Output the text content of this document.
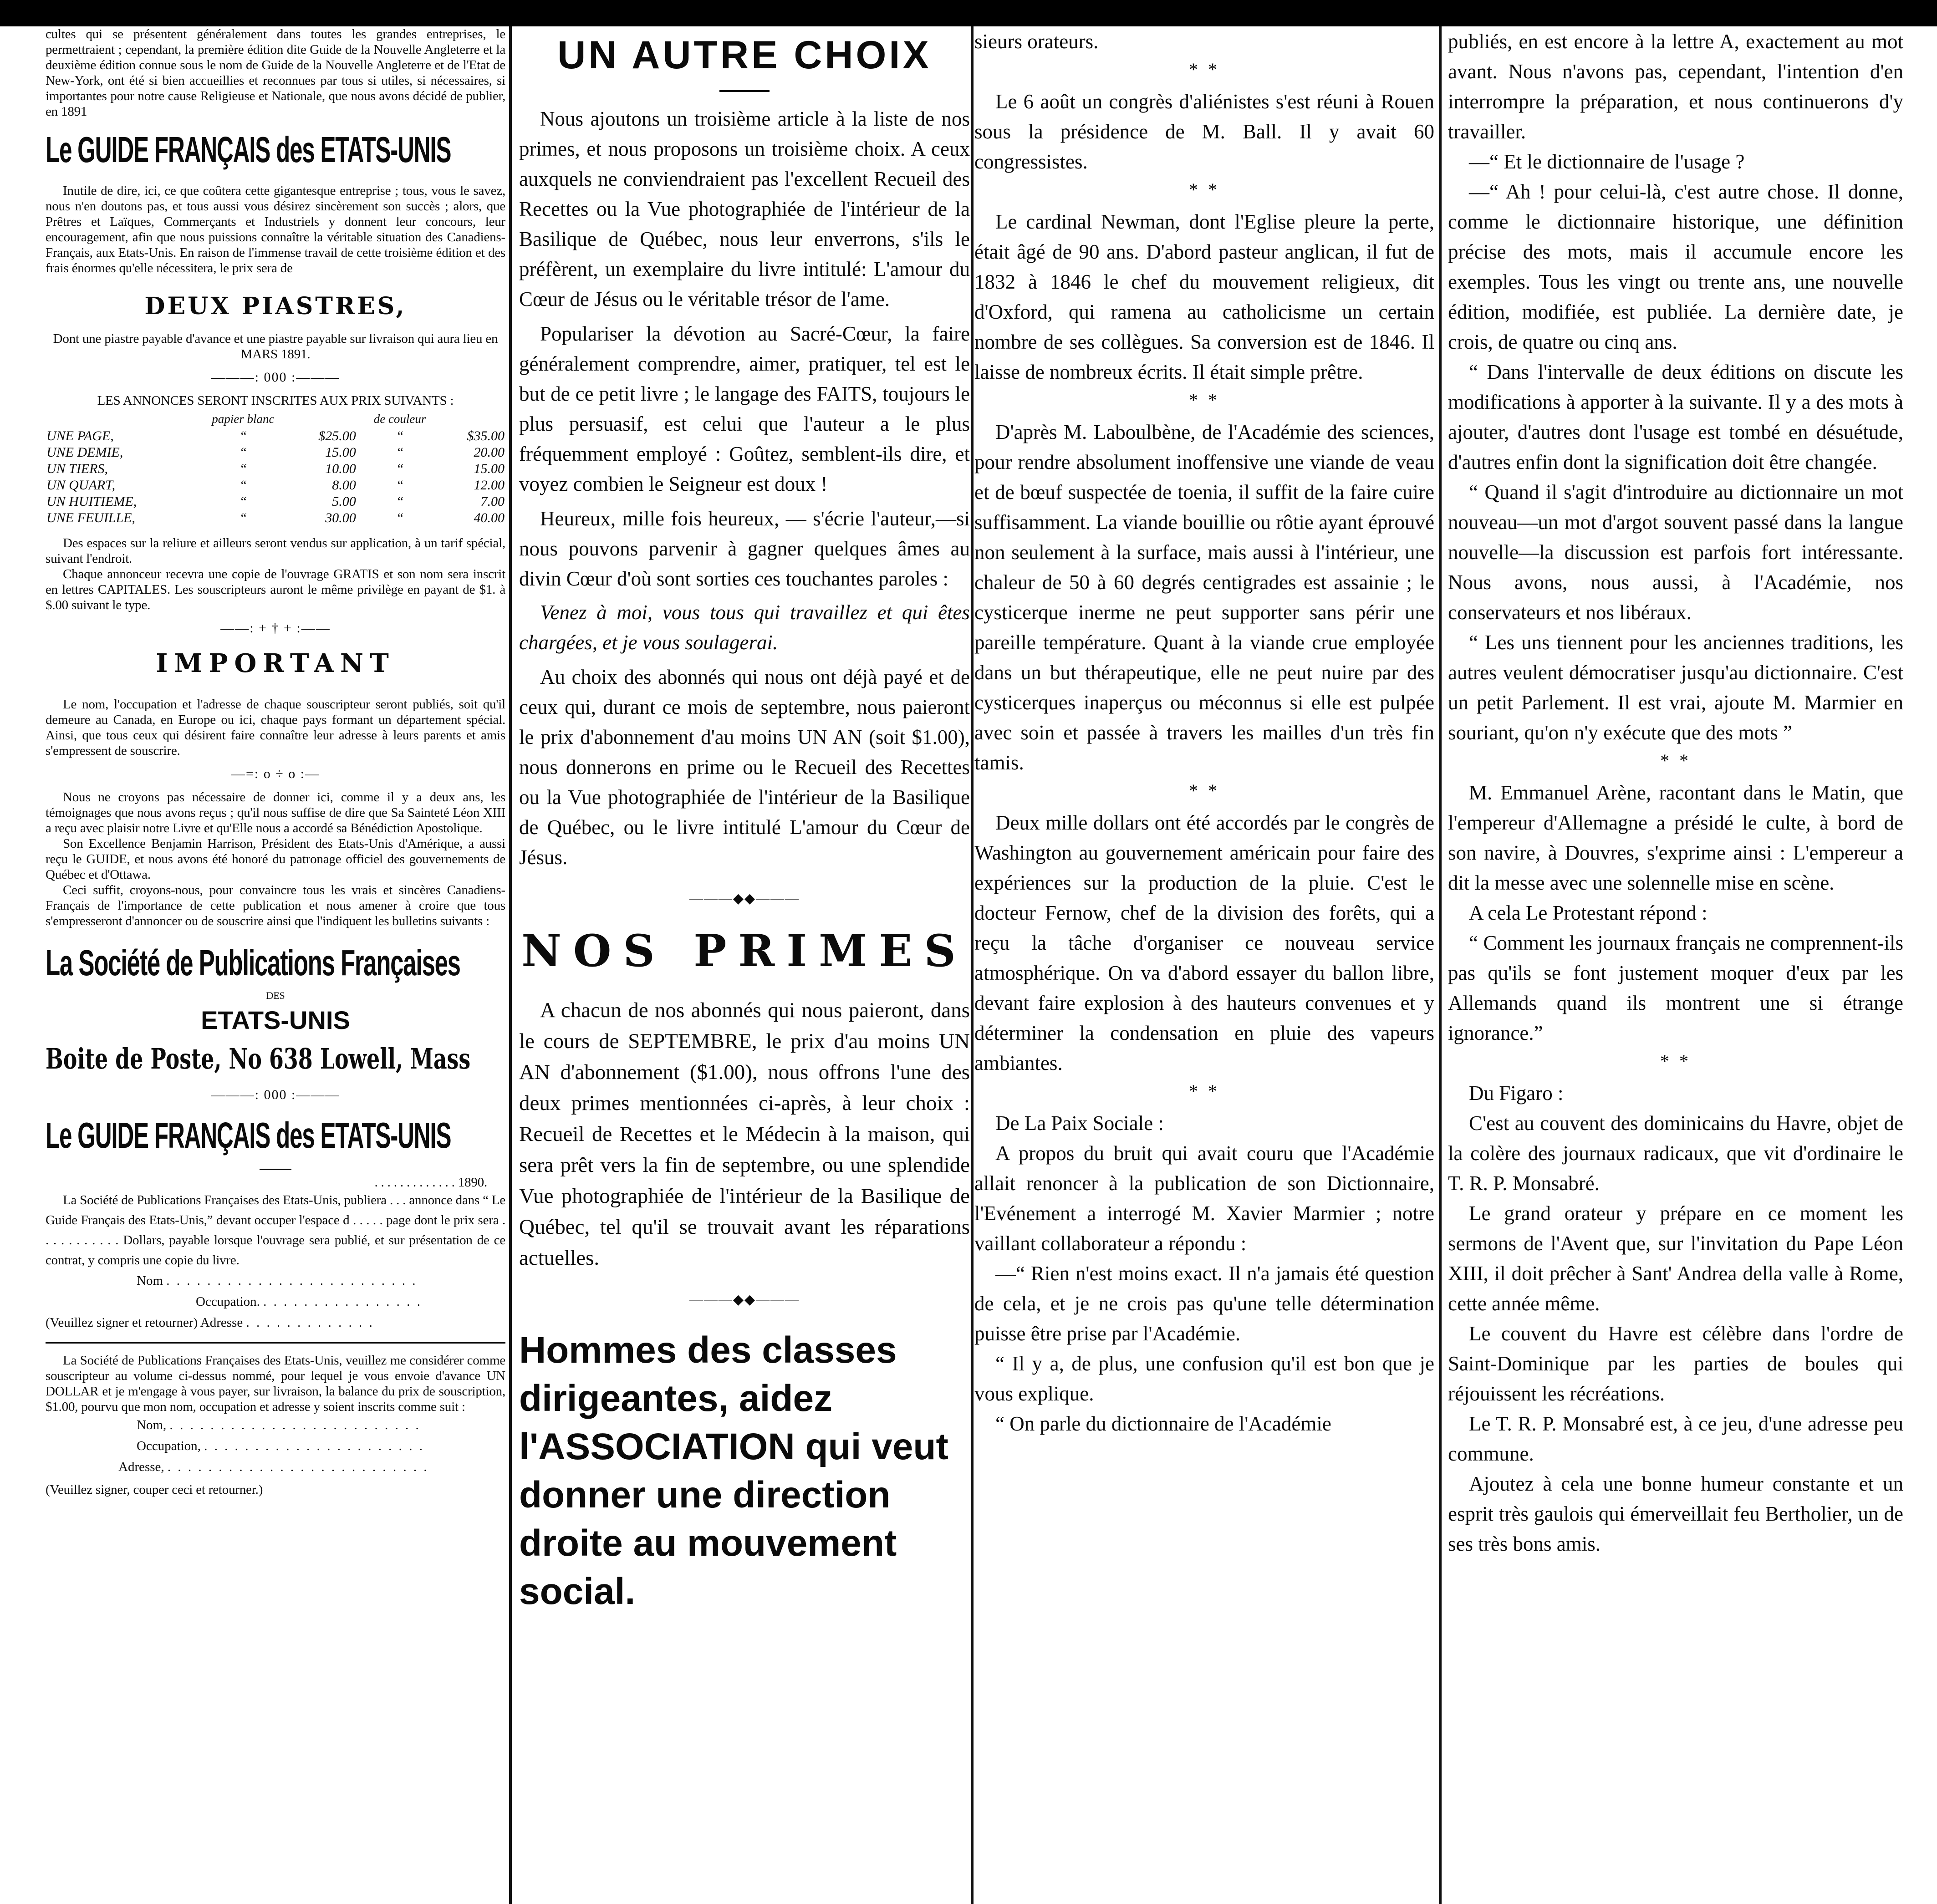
cultes qui se présentent généralement dans toutes les grandes entreprises, le permettraient ; cependant, la première édition dite Guide de la Nouvelle Angleterre et la deuxième édition connue sous le nom de Guide de la Nouvelle Angleterre et de l'Etat de New-York, ont été si bien accueillies et reconnues par tous si utiles, si nécessaires, si importantes pour notre cause Religieuse et Nationale, que nous avons décidé de publier, en 1891

Le GUIDE FRANÇAIS des ETATS-UNIS

Inutile de dire, ici, ce que coûtera cette gigantesque entreprise ; tous, vous le savez, nous n'en doutons pas, et tous aussi vous désirez sincèrement son succès ; alors, que Prêtres et Laïques, Commerçants et Industriels y donnent leur concours, leur encouragement, afin que nous puissions connaître la véritable situation des Canadiens-Français, aux Etats-Unis. En raison de l'immense travail de cette troisième édition et des frais énormes qu'elle nécessitera, le prix sera de

DEUX PIASTRES,

Dont une piastre payable d'avance et une piastre payable sur livraison qui aura lieu en MARS 1891.

———: 000 :———

LES ANNONCES SERONT INSCRITES AUX PRIX SUIVANTS :

	papier blanc		de couleur	
UNE PAGE,	“	$25.00	“	$35.00
UNE DEMIE,	“	15.00	“	20.00
UN TIERS,	“	10.00	“	15.00
UN QUART,	“	8.00	“	12.00
UN HUITIEME,	“	5.00	“	7.00
UNE FEUILLE,	“	30.00	“	40.00

Des espaces sur la reliure et ailleurs seront vendus sur application, à un tarif spécial, suivant l'endroit.

Chaque annonceur recevra une copie de l'ouvrage GRATIS et son nom sera inscrit en lettres CAPITALES. Les souscripteurs auront le même privilège en payant de $1. à $.00 suivant le type.

——: + † + :——
IMPORTANT

Le nom, l'occupation et l'adresse de chaque souscripteur seront publiés, soit qu'il demeure au Canada, en Europe ou ici, chaque pays formant un département spécial. Ainsi, que tous ceux qui désirent faire connaître leur adresse à leurs parents et amis s'empressent de souscrire.

—=: o ÷ o :—

Nous ne croyons pas nécessaire de donner ici, comme il y a deux ans, les témoignages que nous avons reçus ; qu'il nous suffise de dire que Sa Sainteté Léon XIII a reçu avec plaisir notre Livre et qu'Elle nous a accordé sa Bénédiction Apostolique.

Son Excellence Benjamin Harrison, Président des Etats-Unis d'Amérique, a aussi reçu le GUIDE, et nous avons été honoré du patronage officiel des gouvernements de Québec et d'Ottawa.

Ceci suffit, croyons-nous, pour convaincre tous les vrais et sincères Canadiens-Français de l'importance de cette publication et nous amener à croire que tous s'empresseront d'annoncer ou de souscrire ainsi que l'indiquent les bulletins suivants :

La Société de Publications Françaises
DES
ETATS-UNIS
Boite de Poste, No 638 Lowell, Mass
———: 000 :———
Le GUIDE FRANÇAIS des ETATS-UNIS
. . . . . . . . . . . . . 1890.

La Société de Publications Françaises des Etats-Unis, publiera . . . annonce dans “ Le Guide Français des Etats-Unis,” devant occuper l'espace d . . . . . page dont le prix sera . . . . . . . . . . . Dollars, payable lorsque l'ouvrage sera publié, et sur présentation de ce contrat, y compris une copie du livre.

Nom . . . . . . . . . . . . . . . . . . . . . . . . .
Occupation. . . . . . . . . . . . . . . . .
(Veuillez signer et retourner) Adresse . . . . . . . . . . . . .

La Société de Publications Françaises des Etats-Unis, veuillez me considérer comme souscripteur au volume ci-dessus nommé, pour lequel je vous envoie d'avance UN DOLLAR et je m'engage à vous payer, sur livraison, la balance du prix de souscription, $1.00, pourvu que mon nom, occupation et adresse y soient inscrits comme suit :

Nom, . . . . . . . . . . . . . . . . . . . . . . . . .
Occupation, . . . . . . . . . . . . . . . . . . . . . .
Adresse, . . . . . . . . . . . . . . . . . . . . . . . . . .

(Veuillez signer, couper ceci et retourner.)

UN AUTRE CHOIX

Nous ajoutons un troisième article à la liste de nos primes, et nous proposons un troisième choix. A ceux auxquels ne conviendraient pas l'excellent Recueil des Recettes ou la Vue photographiée de l'intérieur de la Basilique de Québec, nous leur enverrons, s'ils le préfèrent, un exemplaire du livre intitulé: L'amour du Cœur de Jésus ou le véritable trésor de l'ame.

Populariser la dévotion au Sacré-Cœur, la faire généralement comprendre, aimer, pratiquer, tel est le but de ce petit livre ; le langage des FAITS, toujours le plus persuasif, est celui que l'auteur a le plus fréquemment employé : Goûtez, semblent-ils dire, et voyez combien le Seigneur est doux !

Heureux, mille fois heureux, — s'écrie l'auteur,—si nous pouvons parvenir à gagner quelques âmes au divin Cœur d'où sont sorties ces touchantes paroles :

Venez à moi, vous tous qui travaillez et qui êtes chargées, et je vous soulagerai.

Au choix des abonnés qui nous ont déjà payé et de ceux qui, durant ce mois de septembre, nous paieront le prix d'abonnement d'au moins UN AN (soit $1.00), nous donnerons en prime ou le Recueil des Recettes ou la Vue photographiée de l'intérieur de la Basilique de Québec, ou le livre intitulé L'amour du Cœur de Jésus.

———◆◆———
NOS PRIMES

A chacun de nos abonnés qui nous paieront, dans le cours de SEPTEMBRE, le prix d'au moins UN AN d'abonnement ($1.00), nous offrons l'une des deux primes mentionnées ci-après, à leur choix : Recueil de Recettes et le Médecin à la maison, qui sera prêt vers la fin de septembre, ou une splendide Vue photographiée de l'intérieur de la Basilique de Québec, tel qu'il se trouvait avant les réparations actuelles.

———◆◆———
Hommes des classes dirigeantes, aidez l'ASSOCIATION qui veut donner une direction droite au mouvement social.

sieurs orateurs.

* *

Le 6 août un congrès d'aliénistes s'est réuni à Rouen sous la présidence de M. Ball. Il y avait 60 congressistes.

* *

Le cardinal Newman, dont l'Eglise pleure la perte, était âgé de 90 ans. D'abord pasteur anglican, il fut de 1832 à 1846 le chef du mouvement religieux, dit d'Oxford, qui ramena au catholicisme un certain nombre de ses collègues. Sa conversion est de 1846. Il laisse de nombreux écrits. Il était simple prêtre.

* *

D'après M. Laboulbène, de l'Académie des sciences, pour rendre absolument inoffensive une viande de veau et de bœuf suspectée de toenia, il suffit de la faire cuire suffisamment. La viande bouillie ou rôtie ayant éprouvé non seulement à la surface, mais aussi à l'intérieur, une chaleur de 50 à 60 degrés centigrades est assainie ; le cysticerque inerme ne peut supporter sans périr une pareille température. Quant à la viande crue employée dans un but thérapeutique, elle ne peut nuire par des cysticerques inaperçus ou méconnus si elle est pulpée avec soin et passée à travers les mailles d'un très fin tamis.

* *

Deux mille dollars ont été accordés par le congrès de Washington au gouvernement américain pour faire des expériences sur la production de la pluie. C'est le docteur Fernow, chef de la division des forêts, qui a reçu la tâche d'organiser ce nouveau service atmosphérique. On va d'abord essayer du ballon libre, devant faire explosion à des hauteurs convenues et y déterminer la condensation en pluie des vapeurs ambiantes.

* *

De La Paix Sociale :

A propos du bruit qui avait couru que l'Académie allait renoncer à la publication de son Dictionnaire, l'Evénement a interrogé M. Xavier Marmier ; notre vaillant collaborateur a répondu :

—“ Rien n'est moins exact. Il n'a jamais été question de cela, et je ne crois pas qu'une telle détermination puisse être prise par l'Académie.

“ Il y a, de plus, une confusion qu'il est bon que je vous explique.

“ On parle du dictionnaire de l'Académie

publiés, en est encore à la lettre A, exactement au mot avant. Nous n'avons pas, cependant, l'intention d'en interrompre la préparation, et nous continuerons d'y travailler.

—“ Et le dictionnaire de l'usage ?

—“ Ah ! pour celui-là, c'est autre chose. Il donne, comme le dictionnaire historique, une définition précise des mots, mais il accumule encore les exemples. Tous les vingt ou trente ans, une nouvelle édition, modifiée, est publiée. La dernière date, je crois, de quatre ou cinq ans.

“ Dans l'intervalle de deux éditions on discute les modifications à apporter à la suivante. Il y a des mots à ajouter, d'autres dont l'usage est tombé en désuétude, d'autres enfin dont la signification doit être changée.

“ Quand il s'agit d'introduire au dictionnaire un mot nouveau—un mot d'argot souvent passé dans la langue nouvelle—la discussion est parfois fort intéressante. Nous avons, nous aussi, à l'Académie, nos conservateurs et nos libéraux.

“ Les uns tiennent pour les anciennes traditions, les autres veulent démocratiser jusqu'au dictionnaire. C'est un petit Parlement. Il est vrai, ajoute M. Marmier en souriant, qu'on n'y exécute que des mots ”

* *

M. Emmanuel Arène, racontant dans le Matin, que l'empereur d'Allemagne a présidé le culte, à bord de son navire, à Douvres, s'exprime ainsi : L'empereur a dit la messe avec une solennelle mise en scène.

A cela Le Protestant répond :

“ Comment les journaux français ne comprennent-ils pas qu'ils se font justement moquer d'eux par les Allemands quand ils montrent une si étrange ignorance.”

* *

Du Figaro :

C'est au couvent des dominicains du Havre, objet de la colère des journaux radicaux, que vit d'ordinaire le T. R. P. Monsabré.

Le grand orateur y prépare en ce moment les sermons de l'Avent que, sur l'invitation du Pape Léon XIII, il doit prêcher à Sant' Andrea della valle à Rome, cette année même.

Le couvent du Havre est célèbre dans l'ordre de Saint-Dominique par les parties de boules qui réjouissent les récréations.

Le T. R. P. Monsabré est, à ce jeu, d'une adresse peu commune.

Ajoutez à cela une bonne humeur constante et un esprit très gaulois qui émerveillait feu Bertholier, un de ses très bons amis.
